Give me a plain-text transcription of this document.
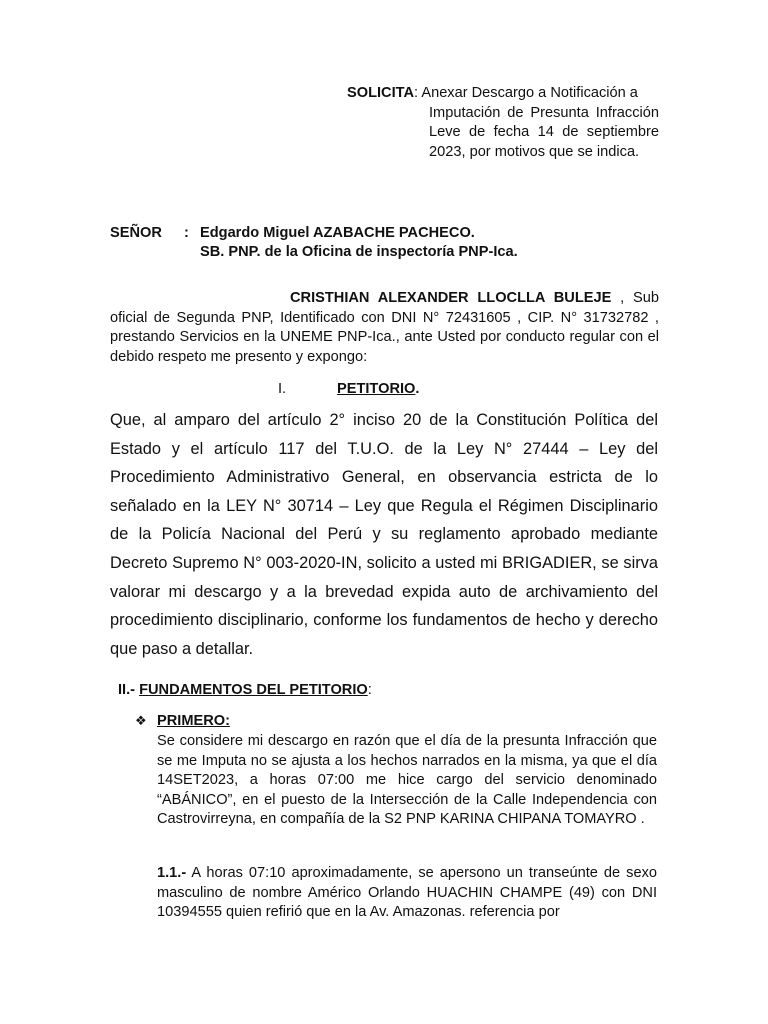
SOLICITA: Anexar Descargo a Notificación a
Imputación de Presunta Infracción Leve de fecha 14 de septiembre 2023, por motivos que se indica.
SEÑOR : Edgardo Miguel AZABACHE PACHECO.
SB. PNP. de la Oficina de inspectoría PNP-Ica.
CRISTHIAN ALEXANDER LLOCLLA BULEJE , Sub oficial de Segunda PNP, Identificado con DNI N° 72431605 , CIP. N° 31732782 , prestando Servicios en la UNEME PNP-Ica., ante Usted por conducto regular con el debido respeto me presento y expongo:
I.	PETITORIO.
Que, al amparo del artículo 2° inciso 20 de la Constitución Política del Estado y el artículo 117 del T.U.O. de la Ley N° 27444 – Ley del Procedimiento Administrativo General, en observancia estricta de lo señalado en la LEY N° 30714 – Ley que Regula el Régimen Disciplinario de la Policía Nacional del Perú y su reglamento aprobado mediante Decreto Supremo N° 003-2020-IN, solicito a usted mi BRIGADIER, se sirva valorar mi descargo y a la brevedad expida auto de archivamiento del procedimiento disciplinario, conforme los fundamentos de hecho y derecho que paso a detallar.
II.- FUNDAMENTOS DEL PETITORIO:
❖ PRIMERO:
Se considere mi descargo en razón que el día de la presunta Infracción que se me Imputa no se ajusta a los hechos narrados en la misma, ya que el día 14SET2023, a horas 07:00 me hice cargo del servicio denominado “ABÁNICO”, en el puesto de la Intersección de la Calle Independencia con Castrovirreyna, en compañía de la S2 PNP KARINA CHIPANA TOMAYRO .
1.1.- A horas 07:10 aproximadamente, se apersono un transeúnte de sexo masculino de nombre Américo Orlando HUACHIN CHAMPE (49) con DNI 10394555 quien refirió que en la Av. Amazonas. referencia por
